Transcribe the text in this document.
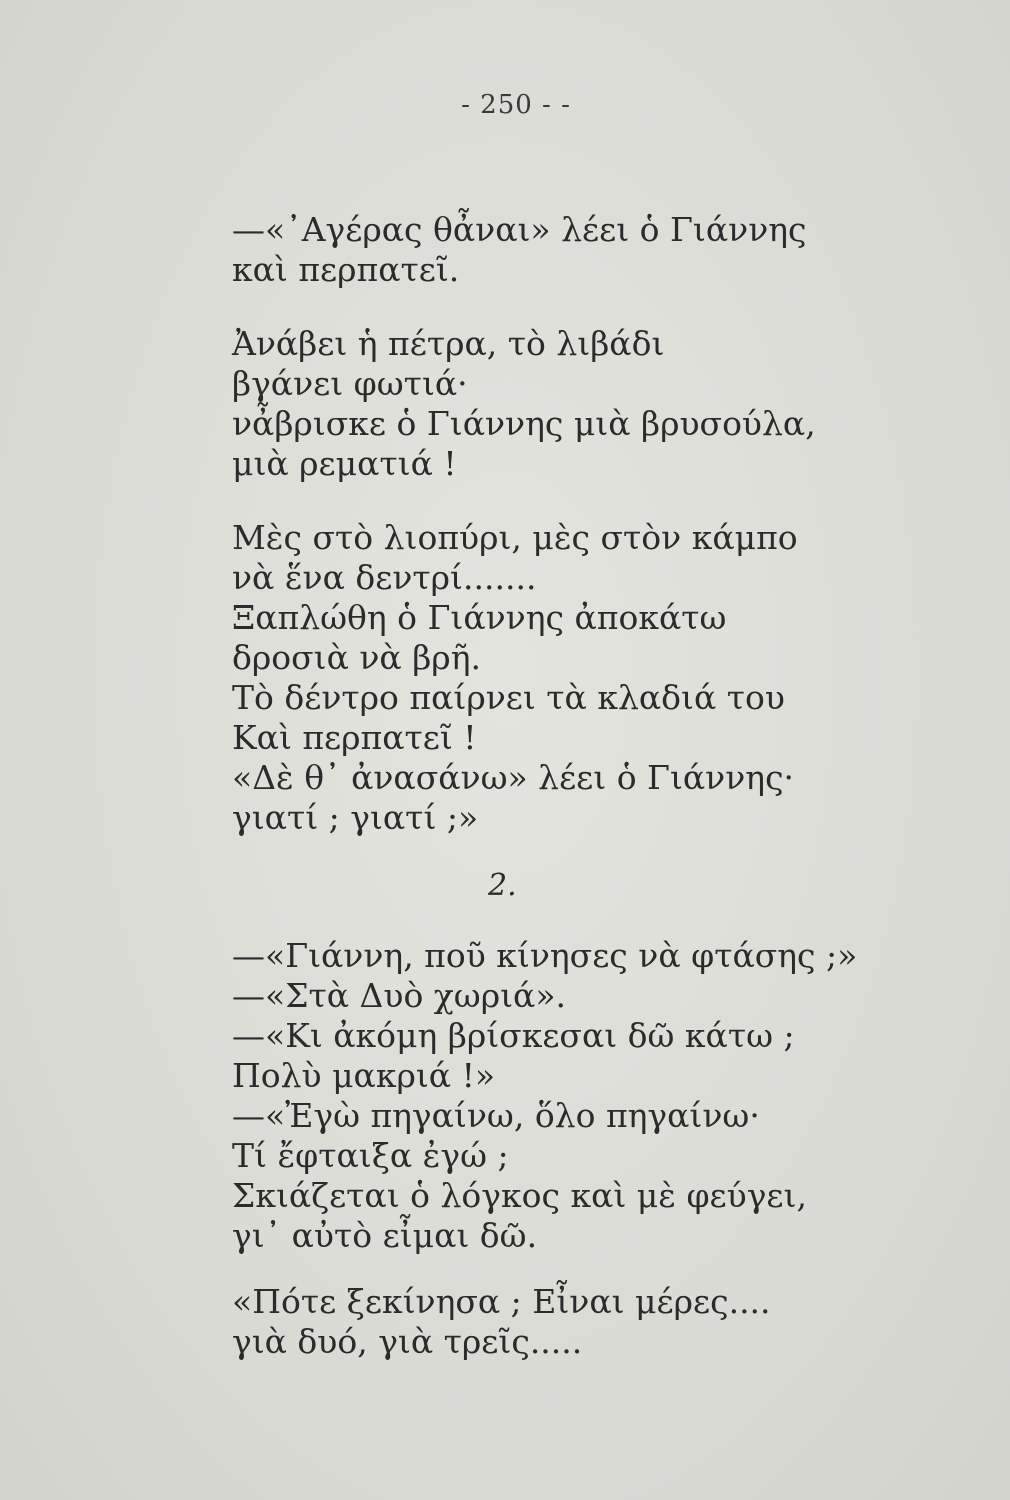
- 250 - -
—«᾿Αγέρας θἆναι» λέει ὁ Γιάννης
καὶ περπατεῖ.
Ἀνάβει ἡ πέτρα, τὸ λιβάδι
βγάνει φωτιά·
νἆβρισκε ὁ Γιάννης μιὰ βρυσούλα,
μιὰ ρεματιά !
Μὲς στὸ λιοπύρι, μὲς στὸν κάμπο
νὰ ἕνα δεντρί.......
Ξαπλώθη ὁ Γιάννης ἀποκάτω
δροσιὰ νὰ βρῆ.
Τὸ δέντρο παίρνει τὰ κλαδιά του
Καὶ περπατεῖ !
«Δὲ θ᾿ ἀνασάνω» λέει ὁ Γιάννης·
γιατί ; γιατί ;»
2.
—«Γιάννη, ποῦ κίνησες νὰ φτάσης ;»
—«Στὰ Δυὸ χωριά».
—«Κι ἀκόμη βρίσκεσαι δῶ κάτω ;
Πολὺ μακριά !»
—«Ἐγὼ πηγαίνω, ὅλο πηγαίνω·
Τί ἔφταιξα ἐγώ ;
Σκιάζεται ὁ λόγκος καὶ μὲ φεύγει,
γι᾿ αὐτὸ εἶμαι δῶ.
«Πότε ξεκίνησα ; Εἶναι μέρες....
γιὰ δυό, γιὰ τρεῖς.....
